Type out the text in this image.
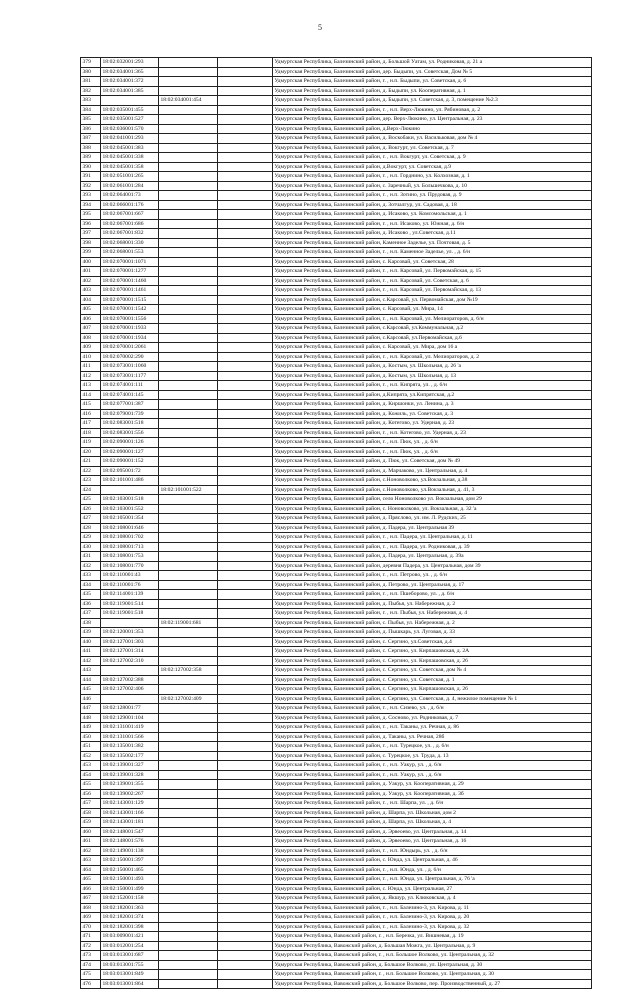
5
379	18:02:032001:293			Удмуртская Республика, Балезинский район, д. Большой Уатам, ул. Родниковая, д. 21 а
380	18:02:034001:365			Удмуртская Республика, Балезинский район, дер. Быдыпи, ул. Советская, Дом № 5
381	18:02:034001:372			Удмуртская Республика, Балезинский район, г. , н.п. Быдыпи, ул. Советская, д. 6
382	18:02:034001:385			Удмуртская Республика, Балезинский район, д. Быдыпи, ул. Кооперативная, д. 1
383		18:02:034001:454		Удмуртская Республика, Балезинский район, д. Быдыпи, ул. Советская, д. 3, помещение №2.3
384	18:02:035001:455			Удмуртская Республика, Балезинский район, г. , н.п. Верх-Люкино, ул. Рябиновая, д. 2
385	18:02:035001:527			Удмуртская Республика, Балезинский район, дер. Верх-Люкино, ул. Центральная, д. 23
386	18:02:036001:570			Удмуртская Республика, Балезинский район, д.Верх-Люкино
387	18:02:041001:293			Удмуртская Республика, Балезинский район, д. Воскобаки, ул. Васильковая, дом № 4
388	18:02:045001:383			Удмуртская Республика, Балезинский район, д. Вокгурт, ул. Советская, д. 7
389	18:02:045001:338			Удмуртская Республика, Балезинский район, г. , н.п. Вокгурт, ул. Советская, д. 9
390	18:02:045001:358			Удмуртская Республика, Балезинский район, д.Вокгурт, ул. Советская, д.9
391	18:02:051001:265			Удмуртская Республика, Балезинский район, г. , н.п. Горднино, ул. Колхозная, д. 1
392	18:02:061001:284			Удмуртская Республика, Балезинский район, с. Заречный, ул. Большечкова, д. 10
393	18:02:064001:73			Удмуртская Республика, Балезинский район, г. , н.п. Зотино, ул. Прудовая, д. 9
394	18:02:066001:176			Удмуртская Республика, Балезинский район, д. Зотчалгур, ул. Садовая, д. 18
395	18:02:067001:667			Удмуртская Республика, Балезинский район, д. Исаково, ул. Комсомольская, д. 1
396	18:02:067001:686			Удмуртская Республика, Балезинский район, г. , н.п. Исаково, ул. Южная, д. 6/н
397	18:02:067001:832			Удмуртская Республика, Балезинский район, д. Исаково , ул.Советская, д.11
398	18:02:068001:330			Удмуртская Республика, Балезинский район, Каменное Заделье, ул. Почтовая, д. 5
399	18:02:068001:553			Удмуртская Республика, Балезинский район, г. , н.п. Каменное Заделье, ул. , д. 6/н
400	18:02:070001:1071			Удмуртская Республика, Балезинский район, с. Карсовай, ул. Советская, 28
401	18:02:070001:1277			Удмуртская Республика, Балезинский район, г. , н.п. Карсовай, ул. Первомайская, д. 15
402	18:02:070001:1460			Удмуртская Республика, Балезинский район, г. , н.п. Карсовай, ул. Советская, д. 6
403	18:02:070001:1461			Удмуртская Республика, Балезинский район, г. , н.п. Карсовай, ул. Первомайская, д. 13
404	18:02:070001:1515			Удмуртская Республика, Балезинский район, с.Карсовай, ул. Первомайская, дом №19
405	18:02:070001:1542			Удмуртская Республика, Балезинский район, с. Карсовай, ул. Мира, 14
406	18:02:070001:1556			Удмуртская Республика, Балезинский район, г. , н.п. Карсовай, ул. Мелиораторов, д. 6/н
407	18:02:070001:1933			Удмуртская Республика, Балезинский район, с.Карсовай, ул.Коммунальная, д.2
408	18:02:070001:1934			Удмуртская Республика, Балезинский район, с.Карсовай, ул.Первомайская, д.6
409	18:02:070001:2061			Удмуртская Республика, Балезинский район, с. Карсовай, ул. Мира, дом 16 а
410	18:02:070002:290			Удмуртская Республика, Балезинский район, г. , н.п. Карсовай, ул. Мелиораторов, д. 2
411	18:02:073001:1060			Удмуртская Республика, Балезинский район, д. Костым, ул. Школьная, д. 26 'а
412	18:02:073001:1177			Удмуртская Республика, Балезинский район, д. Костым, ул. Школьная, д. 13
413	18:02:074001:111			Удмуртская Республика, Балезинский район, г. , н.п. Кипрята, ул. , д. 6/н
414	18:02:074001:145			Удмуртская Республика, Балезинский район, д.Кипрята, ул.Кипрятская, д.2
415	18:02:077001:387			Удмуртская Республика, Балезинский район, д. Киршонки, ул. Ленина, д. 3
416	18:02:079001:739			Удмуртская Республика, Балезинский район, д. Кожиль, ул. Советская, д. 3
417	18:02:083001:518			Удмуртская Республика, Балезинский район, д. Котегово, ул. Удерная, д. 23
418	18:02:083001:556			Удмуртская Республика, Балезинский район, г. , н.п. Котегово, ул. Удерная, д. 23
419	18:02:090001:126			Удмуртская Республика, Балезинский район, г. , н.п. Пюк, ул. , д. 6/н
420	18:02:090001:127			Удмуртская Республика, Балезинский район, г. , н.п. Пюк, ул. , д. 6/н
421	18:02:090001:152			Удмуртская Республика, Балезинский район, д. Пюк, ул. Советская, дом № 49
422	18:02:095001:72			Удмуртская Республика, Балезинский район, д. Марчаково, ул. Центральная, д. 4
423	18:02:101001:486			Удмуртская Республика, Балезинский район, с.Ноноволково, ул.Вокзальная, д.38
424		18:02:101001:522		Удмуртская Республика, Балезинский район, с.Ноноволково, ул.Вокзальная, д. 41, 3
425	18:02:103001:518			Удмуртская Республика, Балезинский район, село Ноноволково ул. Вокзальная, дом 29
426	18:02:103001:552			Удмуртская Республика, Балезинский район, с. Ноноволково, ул. Вокзальная, д. 32 'а
427	18:02:105001:354			Удмуртская Республика, Балезинский район, д. Пряслово, ул. им. Л. Рудских, 25
428	18:02:108001:646			Удмуртская Республика, Балезинский район, д. Падера, ул. Центральная 39
429	18:02:108001:702			Удмуртская Республика, Балезинский район, г. , н.п. Падера, ул. Центральная, д. 11
430	18:02:108001:713			Удмуртская Республика, Балезинский район, г. , н.п. Падера, ул. Родниковая, д. 39
431	18:02:108001:753			Удмуртская Республика, Балезинский район, д. Падера, ул. Центральная, д. 39а
432	18:02:108001:770			Удмуртская Республика, Балезинский район, деревня Падера, ул. Центральная, дом 39
433	18:02:110001:43			Удмуртская Республика, Балезинский район, г. , н.п. Петрово, ул. , д. 6/н
434	18:02:110001:76			Удмуртская Республика, Балезинский район, д. Петрово, ул. Центральная, д. 17
435	18:02:114001:139			Удмуртская Республика, Балезинский район, г. , н.п. Пшеборово, ул. , д. 6/н
436	18:02:119001:514			Удмуртская Республика, Балезинский район, д. Пыбья, ул. Набережная, д. 2
437	18:02:119001:518			Удмуртская Республика, Балезинский район, г. , н.п. Пыбья, ул. Набережная, д. 4
438		18:02:119001:681		Удмуртская Республика, Балезинский район, с. Пыбья, ул. Набережная, д. 2
439	18:02:120001:353			Удмуртская Республика, Балезинский район, д. Пышкарь, ул. Луговая, д. 33
440	18:02:127001:303			Удмуртская Республика, Балезинский район, с. Сергино, ул.Советская, д.4
441	18:02:127001:314			Удмуртская Республика, Балезинский район, с. Сергино, ул. Кирпашовская, д. 2А
442	18:02:127002:310			Удмуртская Республика, Балезинский район, с. Сергино, ул. Кирпашовская, д. 26
443		18:02:127002:358		Удмуртская Республика, Балезинский район, с. Сергино, ул. Советская, дом № 4
444	18:02:127002:388			Удмуртская Республика, Балезинский район, с. Сергино, ул. Советская, д. 1
445	18:02:127002:406			Удмуртская Республика, Балезинский район, с. Сергино, ул. Кирпашовская, д. 26
446		18:02:127002:409		Удмуртская Республика, Балезинский район, с. Сергино, ул. Советская, д. 4, нежилое помещение № 1
447	18:02:128001:77			Удмуртская Республика, Балезинский район, г. , н.п. Сизево, ул. , д. 6/н
448	18:02:129001:104			Удмуртская Республика, Балезинский район, д. Сосново, ул. Родниковая, д. 7
449	18:02:131001:419			Удмуртская Республика, Балезинский район, г. , н.п. Таканы, ул. Речная, д. 86
450	18:02:131001:566			Удмуртская Республика, Балезинский район, д. Таканы, ул. Речная, 28б
451	18:02:135001:382			Удмуртская Республика, Балезинский район, г. , н.п. Турецкое, ул. , д. 6/н
452	18:02:135002:177			Удмуртская Республика, Балезинский район, с. Турецкое, ул. Труда, д. 13
453	18:02:139001:327			Удмуртская Республика, Балезинский район, г. , н.п. Уакур, ул. , д. 6/н
454	18:02:139001:328			Удмуртская Республика, Балезинский район, г. , н.п. Уакур, ул. , д. 6/н
455	18:02:139001:355			Удмуртская Республика, Балезинский район, д. Уакур, ул. Кооперативная, д. 29
456	18:02:139002:267			Удмуртская Республика, Балезинский район, д. Уакур, ул. Кооперативная, д. 3б
457	18:02:143001:129			Удмуртская Республика, Балезинский район, г. , н.п. Шарпа, ул. , д. 6/н
458	18:02:143001:166			Удмуртская Республика, Балезинский район, д. Шарпа, ул. Школьная, дом 2
459	18:02:143001:181			Удмуртская Республика, Балезинский район, д. Шарпа, ул. Школьная, д. 4
460	18:02:148001:547			Удмуртская Республика, Балезинский район, д. Эрвеоево, ул. Центральная, д. 14
461	18:02:148001:576			Удмуртская Республика, Балезинский район, д. Эрвеоево, ул. Центральная, д. 16
462	18:02:149001:138			Удмуртская Республика, Балезинский район, г. , н.п. Юндырь, ул. , д. 6/н
463	18:02:150001:397			Удмуртская Республика, Балезинский район, с. Юнда, ул. Центральная, д. 46
464	18:02:150001:465			Удмуртская Республика, Балезинский район, г. , н.п. Юнда, ул. , д. 6/н
465	18:02:150001:493			Удмуртская Республика, Балезинский район, г. , н.п. Юнда, ул. Центральная, д. 76 'а
466	18:02:150001:499			Удмуртская Республика, Балезинский район, с. Юнда, ул. Центральная, 27
467	18:02:152001:158			Удмуртская Республика, Балезинский район, д. Якшур, ул. Клюковская, д. 4
468	18:02:182001:363			Удмуртская Республика, Балезинский район, г. , н.п. Балезино-3, ул. Кирова, д. 11
469	18:02:182001:374			Удмуртская Республика, Балезинский район, г. , н.п. Балезино-3, ул. Кирова, д. 20
470	18:02:182001:398			Удмуртская Республика, Балезинский район, г. , н.п. Балезино-3, ул. Кирова, д. 32
471	18:03:009001:421			Удмуртская Республика, Вавожский район, г. , н.п. Березка, ул. Вишневая, д. 19
472	18:03:012001:254			Удмуртская Республика, Вавожский район, д. Большая Можга, ул. Центральная, д. 9
473	18:03:013001:687			Удмуртская Республика, Вавожский район, г. , н.п. Большое Волково, ул. Центральная, д. 32
474	18:03:013001:755			Удмуртская Республика, Вавожский район, д. Большое Волково, ул. Центральная, д. 30
475	18:03:013001:849			Удмуртская Республика, Вавожский район, г. , н.п. Большое Волково, ул. Центральная, д. 30
476	18:03:013001:864			Удмуртская Республика, Вавожский район, д. Большое Волково, пер. Производственный, д. 27
